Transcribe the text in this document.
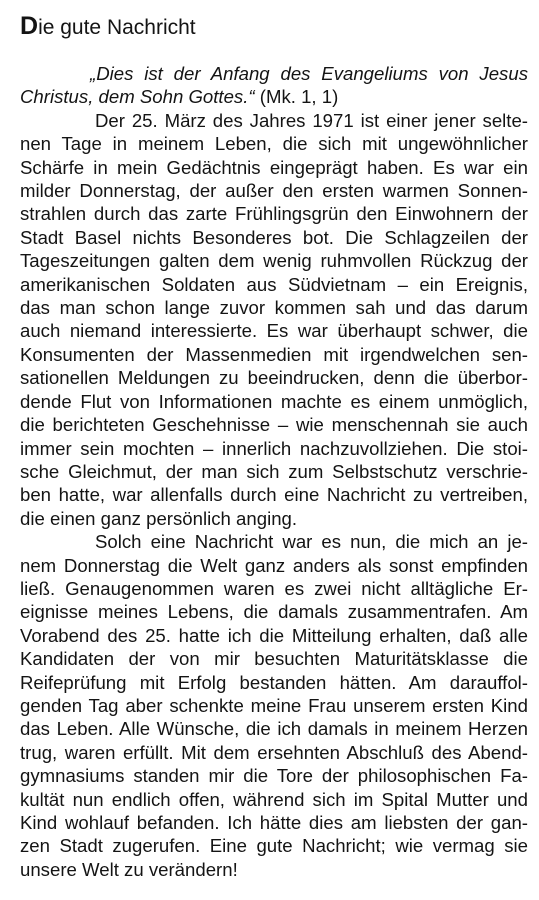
Die gute Nachricht
„Dies ist der Anfang des Evangeliums von Jesus
Christus, dem Sohn Gottes.“ (Mk. 1, 1)
Der 25. März des Jahres 1971 ist einer jener selte-
nen Tage in meinem Leben, die sich mit ungewöhnlicher
Schärfe in mein Gedächtnis eingeprägt haben. Es war ein
milder Donnerstag, der außer den ersten warmen Sonnen-
strahlen durch das zarte Frühlingsgrün den Einwohnern der
Stadt Basel nichts Besonderes bot. Die Schlagzeilen der
Tageszeitungen galten dem wenig ruhmvollen Rückzug der
amerikanischen Soldaten aus Südvietnam – ein Ereignis,
das man schon lange zuvor kommen sah und das darum
auch niemand interessierte. Es war überhaupt schwer, die
Konsumenten der Massenmedien mit irgendwelchen sen-
sationellen Meldungen zu beeindrucken, denn die überbor-
dende Flut von Informationen machte es einem unmöglich,
die berichteten Geschehnisse – wie menschennah sie auch
immer sein mochten – innerlich nachzuvollziehen. Die stoi-
sche Gleichmut, der man sich zum Selbstschutz verschrie-
ben hatte, war allenfalls durch eine Nachricht zu vertreiben,
die einen ganz persönlich anging.
Solch eine Nachricht war es nun, die mich an je-
nem Donnerstag die Welt ganz anders als sonst empfinden
ließ. Genaugenommen waren es zwei nicht alltägliche Er-
eignisse meines Lebens, die damals zusammentrafen. Am
Vorabend des 25. hatte ich die Mitteilung erhalten, daß alle
Kandidaten der von mir besuchten Maturitätsklasse die
Reifeprüfung mit Erfolg bestanden hätten. Am darauffol-
genden Tag aber schenkte meine Frau unserem ersten Kind
das Leben. Alle Wünsche, die ich damals in meinem Herzen
trug, waren erfüllt. Mit dem ersehnten Abschluß des Abend-
gymnasiums standen mir die Tore der philosophischen Fa-
kultät nun endlich offen, während sich im Spital Mutter und
Kind wohlauf befanden. Ich hätte dies am liebsten der gan-
zen Stadt zugerufen. Eine gute Nachricht; wie vermag sie
unsere Welt zu verändern!
